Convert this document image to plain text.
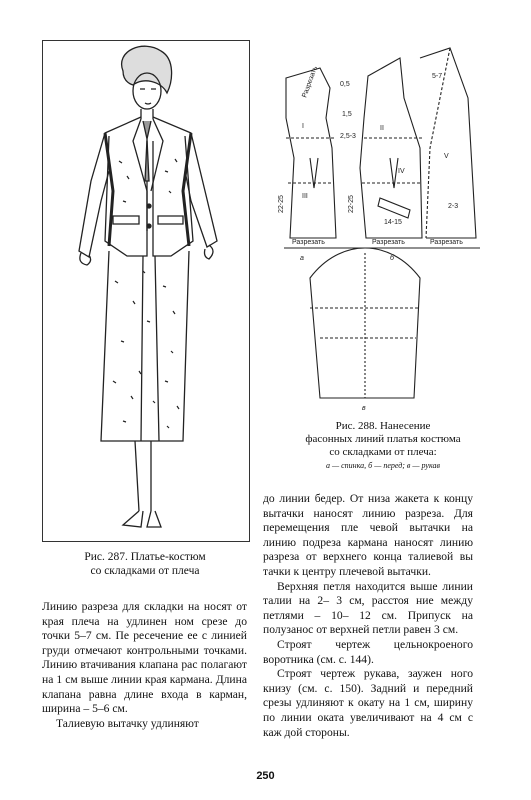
Рис. 287. Платье-костюм
со складками от плеча
Разрезать	Разрезать	Разрезать
Разрезать
а	б
в
I	II
III
IV
V
22-25	22-25
14-15
0,5
1,5
2-3
2,5-3
5-7
Рис. 288. Нанесение
фасонных линий платья костюма
со складками от плеча:
а — спинка, б — перед; в — рукав

Линию разреза для складки на носят от края плеча на удлинен ном срезе до точки 5–7 см. Пе ресечение ее с линией груди отмечают контрольными точками. Линию втачивания клапана рас полагают на 1 см выше линии края кармана. Длина клапана равна длине входа в карман, ширина – 5–6 см.

Талиевую вытачку удлиняют

до линии бедер. От низа жакета к концу вытачки наносят линию разреза. Для перемещения пле чевой вытачки на линию подреза кармана наносят линию разреза от верхнего конца талиевой вы тачки к центру плечевой вытачки.

Верхняя петля находится выше линии талии на 2– 3 см, расстоя ние между петлями – 10– 12 см. Припуск на полузаноc от верхней петли равен 3 см.

Строят чертеж цельнокроеного воротника (см. с. 144).

Строят чертеж рукава, заужен ного книзу (см. с. 150). Задний и передний срезы удлиняют к окату на 1 см, ширину по линии оката увеличивают на 4 см с каж дой стороны.

250
